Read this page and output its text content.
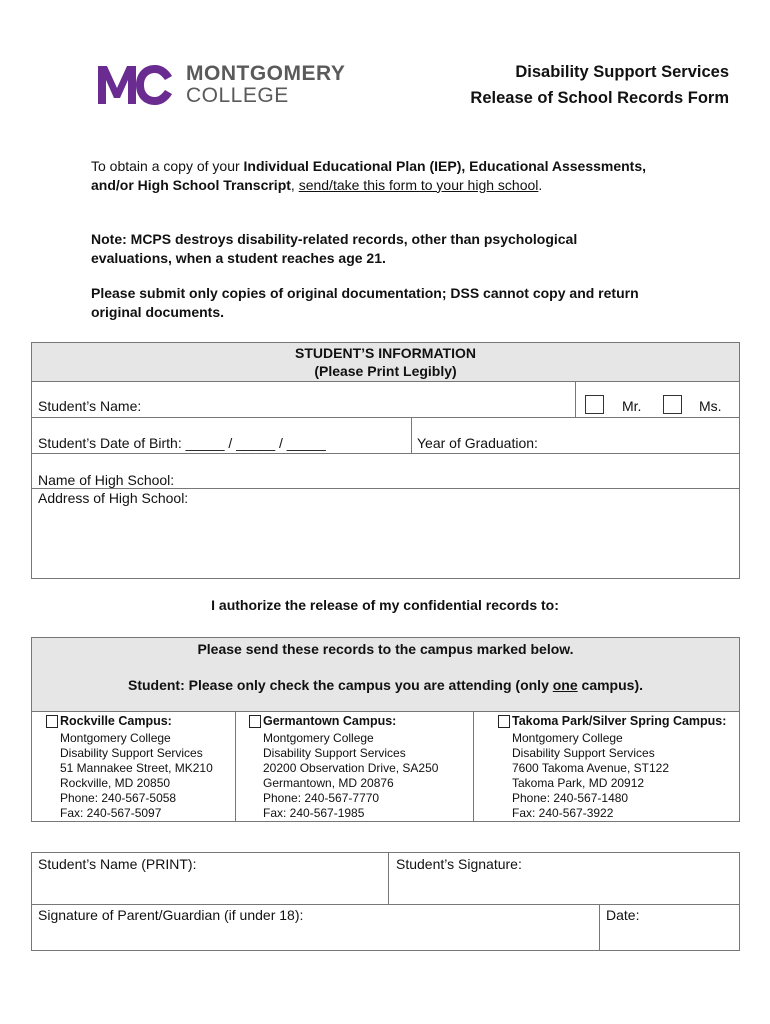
MONTGOMERY
COLLEGE
Disability Support Services
Release of School Records Form
To obtain a copy of your Individual Educational Plan (IEP), Educational Assessments, and/or High School Transcript, send/take this form to your high school.
Note: MCPS destroys disability-related records, other than psychological evaluations, when a student reaches age 21.
Please submit only copies of original documentation; DSS cannot copy and return original documents.
STUDENT’S INFORMATION
(Please Print Legibly)
Student’s Name:	Mr.	Ms.
Student’s Date of Birth: _____ / _____ / _____	Year of Graduation:
Name of High School:
Address of High School:
I authorize the release of my confidential records to:
Please send these records to the campus marked below.
Student: Please only check the campus you are attending (only one campus).
Rockville Campus:
Montgomery College
Disability Support Services
51 Mannakee Street, MK210
Rockville, MD 20850
Phone: 240-567-5058
Fax: 240-567-5097
Germantown Campus:
Montgomery College
Disability Support Services
20200 Observation Drive, SA250
Germantown, MD 20876
Phone: 240-567-7770
Fax: 240-567-1985
Takoma Park/Silver Spring Campus:
Montgomery College
Disability Support Services
7600 Takoma Avenue, ST122
Takoma Park, MD 20912
Phone: 240-567-1480
Fax: 240-567-3922
Student’s Name (PRINT):	Student’s Signature:
Signature of Parent/Guardian (if under 18):	Date:
